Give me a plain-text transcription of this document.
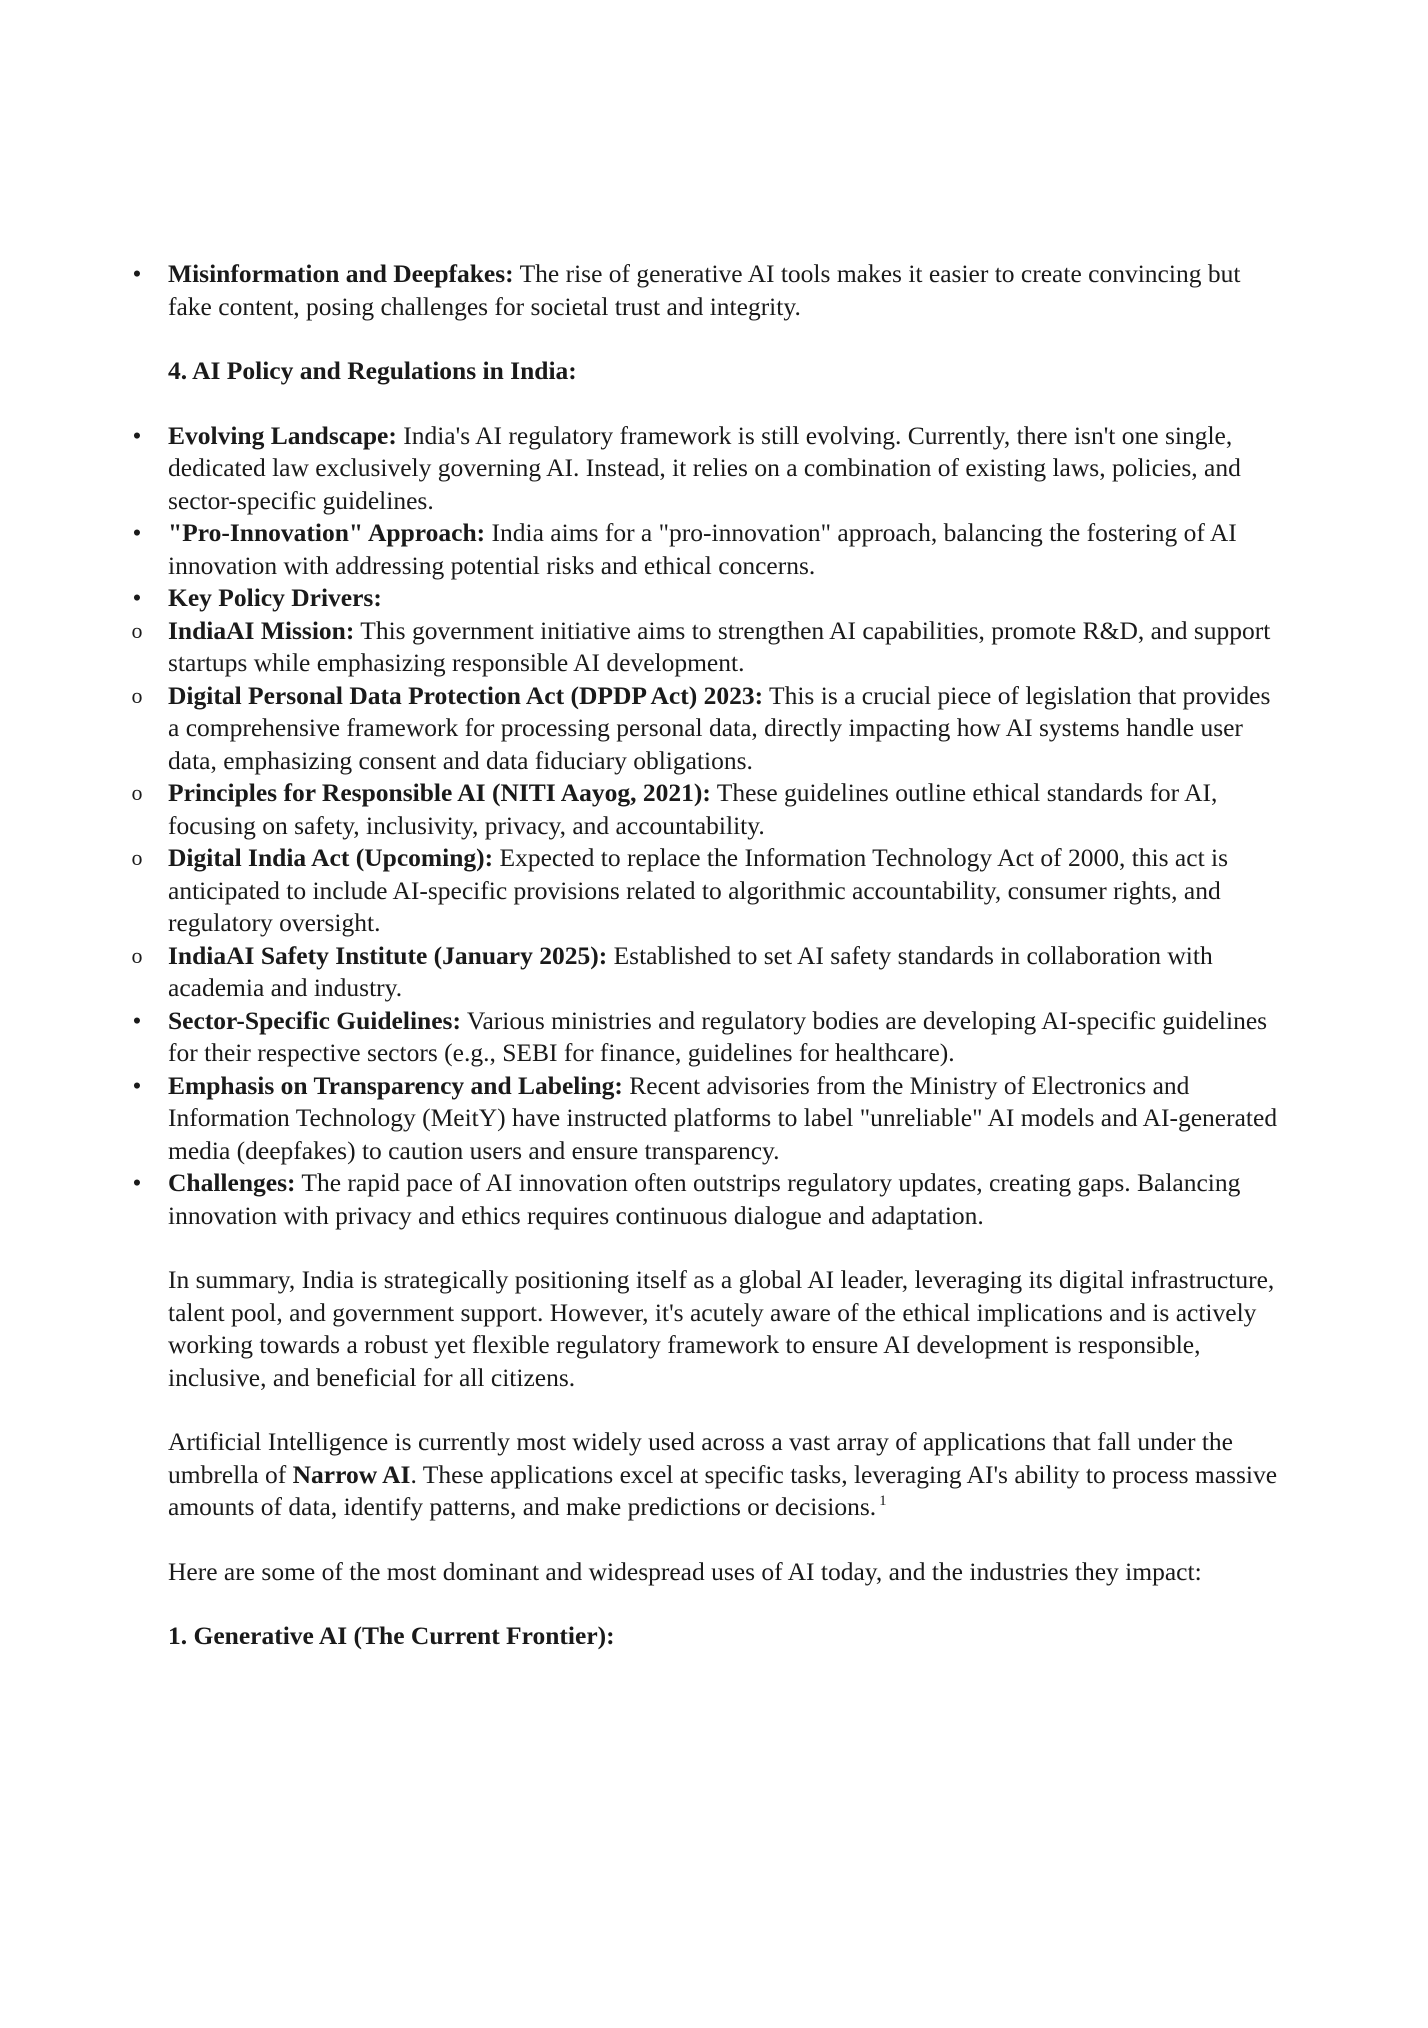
• Misinformation and Deepfakes: The rise of generative AI tools makes it easier to create convincing but fake content, posing challenges for societal trust and integrity.

4. AI Policy and Regulations in India:

• Evolving Landscape: India's AI regulatory framework is still evolving. Currently, there isn't one single, dedicated law exclusively governing AI. Instead, it relies on a combination of existing laws, policies, and sector-specific guidelines.

• "Pro-Innovation" Approach: India aims for a "pro-innovation" approach, balancing the fostering of AI innovation with addressing potential risks and ethical concerns.

• Key Policy Drivers:

o IndiaAI Mission: This government initiative aims to strengthen AI capabilities, promote R&D, and support startups while emphasizing responsible AI development.

o Digital Personal Data Protection Act (DPDP Act) 2023: This is a crucial piece of legislation that provides a comprehensive framework for processing personal data, directly impacting how AI systems handle user data, emphasizing consent and data fiduciary obligations.

o Principles for Responsible AI (NITI Aayog, 2021): These guidelines outline ethical standards for AI, focusing on safety, inclusivity, privacy, and accountability.

o Digital India Act (Upcoming): Expected to replace the Information Technology Act of 2000, this act is anticipated to include AI-specific provisions related to algorithmic accountability, consumer rights, and regulatory oversight.

o IndiaAI Safety Institute (January 2025): Established to set AI safety standards in collaboration with academia and industry.

• Sector-Specific Guidelines: Various ministries and regulatory bodies are developing AI-specific guidelines for their respective sectors (e.g., SEBI for finance, guidelines for healthcare).

• Emphasis on Transparency and Labeling: Recent advisories from the Ministry of Electronics and Information Technology (MeitY) have instructed platforms to label "unreliable" AI models and AI-generated media (deepfakes) to caution users and ensure transparency.

• Challenges: The rapid pace of AI innovation often outstrips regulatory updates, creating gaps. Balancing innovation with privacy and ethics requires continuous dialogue and adaptation.

In summary, India is strategically positioning itself as a global AI leader, leveraging its digital infrastructure, talent pool, and government support. However, it's acutely aware of the ethical implications and is actively working towards a robust yet flexible regulatory framework to ensure AI development is responsible, inclusive, and beneficial for all citizens.

Artificial Intelligence is currently most widely used across a vast array of applications that fall under the umbrella of Narrow AI. These applications excel at specific tasks, leveraging AI's ability to process massive amounts of data, identify patterns, and make predictions or decisions. $^1$

Here are some of the most dominant and widespread uses of AI today, and the industries they impact:

1. Generative AI (The Current Frontier):
